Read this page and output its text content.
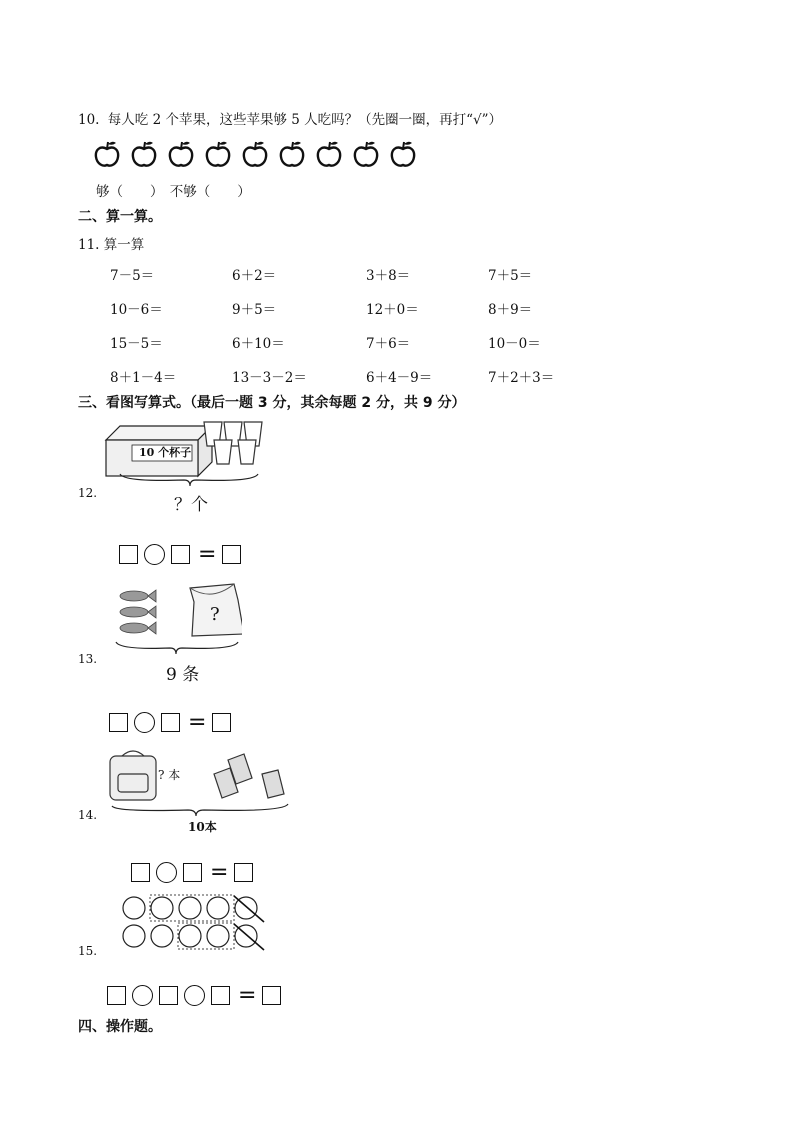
10. 每人吃 2 个苹果，这些苹果够 5 人吃吗？（先圈一圈，再打“√”）
够（　　） 不够（　　）
二、算一算。
11. 算一算
7－5＝	6＋2＝	3＋8＝	7＋5＝
10－6＝	9＋5＝	12＋0＝	8＋9＝
15－5＝	6＋10＝	7＋6＝	10－0＝
8＋1－4＝	13－3－2＝	6＋4－9＝	7＋2＋3＝
三、看图写算式。（最后一题 3 分，其余每题 2 分，共 9 分）
10 个杯子
？个
12.
=
?
9 条
13.
=
? 本
10本
14.
=
15.
=
四、操作题。
